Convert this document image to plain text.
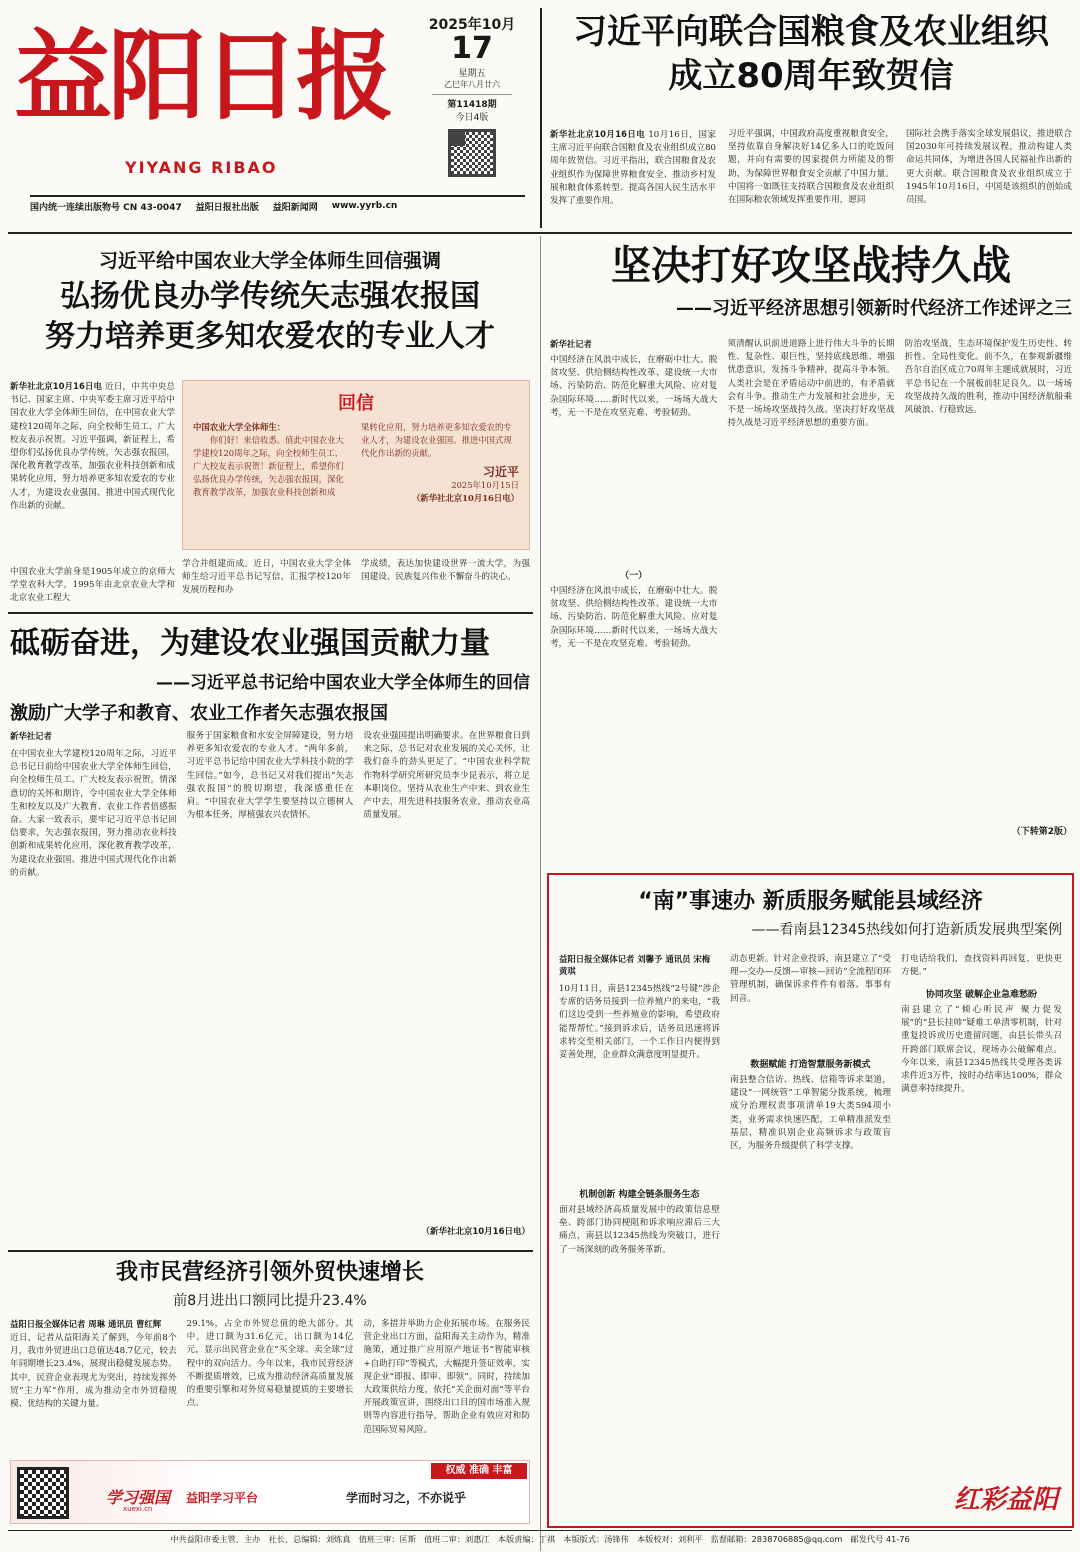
益阳日报
YIYANG RIBAO
2025年10月
17
星期五
乙巳年八月廿六
第11418期
今日4版
国内统一连续出版物号 CN 43-0047 益阳日报社出版 益阳新闻网 www.yyrb.cn
习近平向联合国粮食及农业组织成立80周年致贺信
新华社北京10月16日电 10月16日，国家主席习近平向联合国粮食及农业组织成立80周年致贺信。习近平指出，联合国粮食及农业组织作为保障世界粮食安全、推动乡村发展和粮食体系转型、提高各国人民生活水平发挥了重要作用。
习近平强调，中国政府高度重视粮食安全，坚持依靠自身解决好14亿多人口的吃饭问题，并向有需要的国家提供力所能及的帮助，为保障世界粮食安全贡献了中国力量。中国将一如既往支持联合国粮食及农业组织在国际粮农领域发挥重要作用，愿同
国际社会携手落实全球发展倡议，推进联合国2030年可持续发展议程，推动构建人类命运共同体，为增进各国人民福祉作出新的更大贡献。联合国粮食及农业组织成立于1945年10月16日，中国是该组织的创始成员国。
习近平给中国农业大学全体师生回信强调
弘扬优良办学传统矢志强农报国
努力培养更多知农爱农的专业人才
新华社北京10月16日电 近日，中共中央总书记、国家主席、中央军委主席习近平给中国农业大学全体师生回信，在中国农业大学建校120周年之际，向全校师生员工、广大校友表示祝贺。习近平强调，新征程上，希望你们弘扬优良办学传统，矢志强农报国，深化教育教学改革，加强农业科技创新和成果转化应用，努力培养更多知农爱农的专业人才，为建设农业强国、推进中国式现代化作出新的贡献。
中国农业大学前身是1905年成立的京师大学堂农科大学，1995年由北京农业大学和北京农业工程大
回信
中国农业大学全体师生：
你们好！来信收悉。值此中国农业大学建校120周年之际，向全校师生员工、广大校友表示祝贺！新征程上，希望你们弘扬优良办学传统，矢志强农报国，深化教育教学改革，加强农业科技创新和成
果转化应用，努力培养更多知农爱农的专业人才，为建设农业强国、推进中国式现代化作出新的贡献。
习近平
2025年10月15日
（新华社北京10月16日电）
学合并组建而成。近日，中国农业大学全体师生给习近平总书记写信，汇报学校120年发展历程和办
学成绩，表达加快建设世界一流大学，为强国建设、民族复兴伟业不懈奋斗的决心。
坚决打好攻坚战持久战
——习近平经济思想引领新时代经济工作述评之三
新华社记者
中国经济在风浪中成长，在磨砺中壮大。脱贫攻坚、供给侧结构性改革、建设统一大市场、污染防治、防范化解重大风险、应对复杂国际环境……新时代以来，一场场大战大考，无一不是在攻坚克难、考验韧劲。
（一）
中国经济在风浪中成长，在磨砺中壮大。脱贫攻坚、供给侧结构性改革、建设统一大市场、污染防治、防范化解重大风险、应对复杂国际环境……新时代以来，一场场大战大考，无一不是在攻坚克难、考验韧劲。
须清醒认识前进道路上进行伟大斗争的长期性、复杂性、艰巨性，坚持底线思维、增强忧患意识，发扬斗争精神，提高斗争本领。人类社会是在矛盾运动中前进的，有矛盾就会有斗争。推动生产力发展和社会进步，无不是一场场攻坚战持久战。坚决打好攻坚战持久战是习近平经济思想的重要方面。
防治攻坚战，生态环境保护发生历史性、转折性、全局性变化。前不久，在参观新疆维吾尔自治区成立70周年主题成就展时，习近平总书记在一个展板前驻足良久。以一场场攻坚战持久战的胜利，推动中国经济航船乘风破浪、行稳致远。
（下转第2版）
砥砺奋进，为建设农业强国贡献力量
——习近平总书记给中国农业大学全体师生的回信
激励广大学子和教育、农业工作者矢志强农报国
新华社记者
在中国农业大学建校120周年之际，习近平总书记日前给中国农业大学全体师生回信，向全校师生员工、广大校友表示祝贺。情深意切的关怀和期许，令中国农业大学全体师生和校友以及广大教育、农业工作者倍感振奋。大家一致表示，要牢记习近平总书记回信要求，矢志强农报国，努力推动农业科技创新和成果转化应用，深化教育教学改革，为建设农业强国、推进中国式现代化作出新的贡献。
服务于国家粮食和水安全屏障建设，努力培养更多知农爱农的专业人才。“两年多前，习近平总书记给中国农业大学科技小院的学生回信。”如今，总书记又对我们提出“矢志强农报国”的殷切期望，我深感重任在肩。“中国农业大学学生要坚持以立德树人为根本任务，厚植强农兴农情怀。
设农业强国提出明确要求。在世界粮食日到来之际，总书记对农业发展的关心关怀，让我们奋斗的劲头更足了。“中国农业科学院作物科学研究所研究员李少昆表示，将立足本职岗位，坚持从农业生产中来、到农业生产中去，用先进科技服务农业，推动农业高质量发展。
（新华社北京10月16日电）
我市民营经济引领外贸快速增长
前8月进出口额同比提升23.4%
益阳日报全媒体记者 周琳 通讯员 曹红辉
近日，记者从益阳海关了解到，今年前8个月，我市外贸进出口总值达48.7亿元，较去年同期增长23.4%，展现出稳健发展态势。其中，民营企业表现尤为突出，持续发挥外贸“主力军”作用，成为推动全市外贸稳规模、优结构的关键力量。
29.1%，占全市外贸总值的绝大部分。其中，进口额为31.6亿元，出口额为14亿元，显示出民营企业在“买全球、卖全球”过程中的双向活力。今年以来，我市民营经济不断提质增效，已成为推动经济高质量发展的重要引擎和对外贸易稳量提质的主要增长点。
动，多措并举助力企业拓展市场。在服务民营企业出口方面，益阳海关主动作为，精准施策，通过推广应用原产地证书“智能审核+自助打印”等模式，大幅提升签证效率，实现企业“即报、即审、即领”。同时，持续加大政策供给力度，依托“关企面对面”等平台开展政策宣讲，围绕出口目的国市场准入规则等内容进行指导，帮助企业有效应对和防范国际贸易风险。
权威 准确 丰富
学习强国
xuexi.cn
益阳学习平台	学而时习之，不亦说乎
“南”事速办 新质服务赋能县域经济
——看南县12345热线如何打造新质发展典型案例
益阳日报全媒体记者 刘馨予 通讯员 宋梅 黄琪
10月11日，南县12345热线“2号键”涉企专席的话务员接到一位养殖户的来电，“我们这边受到一些养殖业的影响，希望政府能帮帮忙。”接到诉求后，话务员迅速将诉求转交至相关部门，一个工作日内便得到妥善处理，企业群众满意度明显提升。
机制创新 构建全链条服务生态
面对县域经济高质量发展中的政策信息壁垒、跨部门协同梗阻和诉求响应滞后三大痛点，南县以12345热线为突破口，进行了一场深刻的政务服务革新。
动态更新。针对企业投诉，南县建立了“受理—交办—反馈—审核—回访”全流程闭环管理机制，确保诉求件件有着落、事事有回音。
数据赋能 打造智慧服务新模式
南县整合信访、热线、信箱等诉求渠道，建设“一网统管”工单智能分拨系统，梳理成分治理权责事项清单19大类594项小类，业务需求快速匹配，工单精准派发至基层，精准识别企业高频诉求与政策盲区，为服务升级提供了科学支撑。
打电话给我们，查找资料再回复，更快更方便。”
协同攻坚 破解企业急难愁盼
南县建立了“倾心听民声 聚力促发展”的“县长挂帅”疑难工单清零机制，针对重复投诉或历史遗留问题，由县长带头召开跨部门联席会议，现场办公破解难点。今年以来，南县12345热线共受理各类诉求件近3万件，按时办结率达100%，群众满意率持续提升。
红彩益阳
中共益阳市委主管、主办　社长、总编辑：刘炼真　值班三审：匡斯　值班二审：刘惠江　本版责编：丁祺　本版版式：汤锋伟　本版校对：刘利平　监督邮箱：2838706885@qq.com　邮发代号 41-76
